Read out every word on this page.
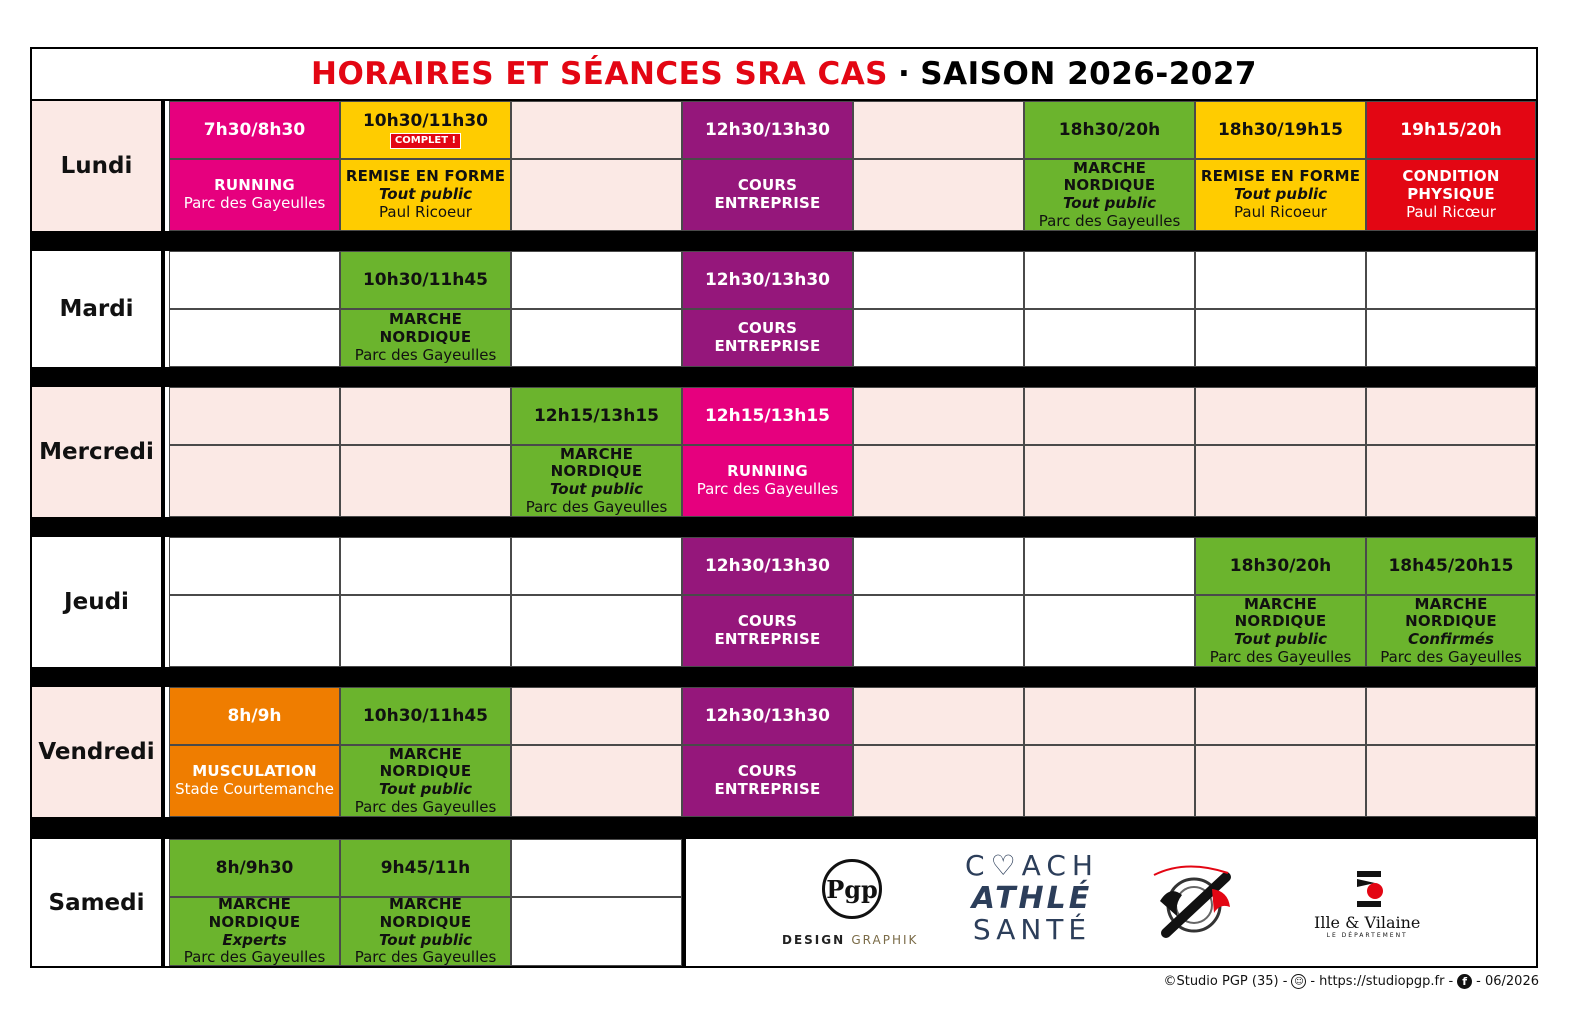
HORAIRES ET SÉANCES SRA CAS · SAISON 2026-2027
Lundi
Mardi
Mercredi
Jeudi
Vendredi
Samedi
7h30/8h30
RUNNING
Parc des Gayeulles
10h30/11h30
COMPLET !
REMISE EN FORME
Tout public
Paul Ricoeur
12h30/13h30
COURS ENTREPRISE
18h30/20h
MARCHE NORDIQUE
Tout public
Parc des Gayeulles
18h30/19h15
REMISE EN FORME
Tout public
Paul Ricoeur
19h15/20h
CONDITION
PHYSIQUE
Paul Ricœur
10h30/11h45
MARCHE NORDIQUE
Parc des Gayeulles
12h30/13h30
COURS ENTREPRISE
12h15/13h15
MARCHE NORDIQUE
Tout public
Parc des Gayeulles
12h15/13h15
RUNNING
Parc des Gayeulles
12h30/13h30
COURS ENTREPRISE
18h30/20h
MARCHE NORDIQUE
Tout public
Parc des Gayeulles
18h45/20h15
MARCHE NORDIQUE
Confirmés
Parc des Gayeulles
8h/9h
MUSCULATION
Stade Courtemanche
10h30/11h45
MARCHE NORDIQUE
Tout public
Parc des Gayeulles
12h30/13h30
COURS ENTREPRISE
8h/9h30
MARCHE NORDIQUE
Experts
Parc des Gayeulles
9h45/11h
MARCHE NORDIQUE
Tout public
Parc des Gayeulles
Pgp
DESIGN GRAPHIK
C♡ACH
ATHLÉ
SANTÉ	Ille & Vilaine
LE DÉPARTEMENT
©Studio PGP (35) - ☺ - https://studiopgp.fr - f - 06/2026
